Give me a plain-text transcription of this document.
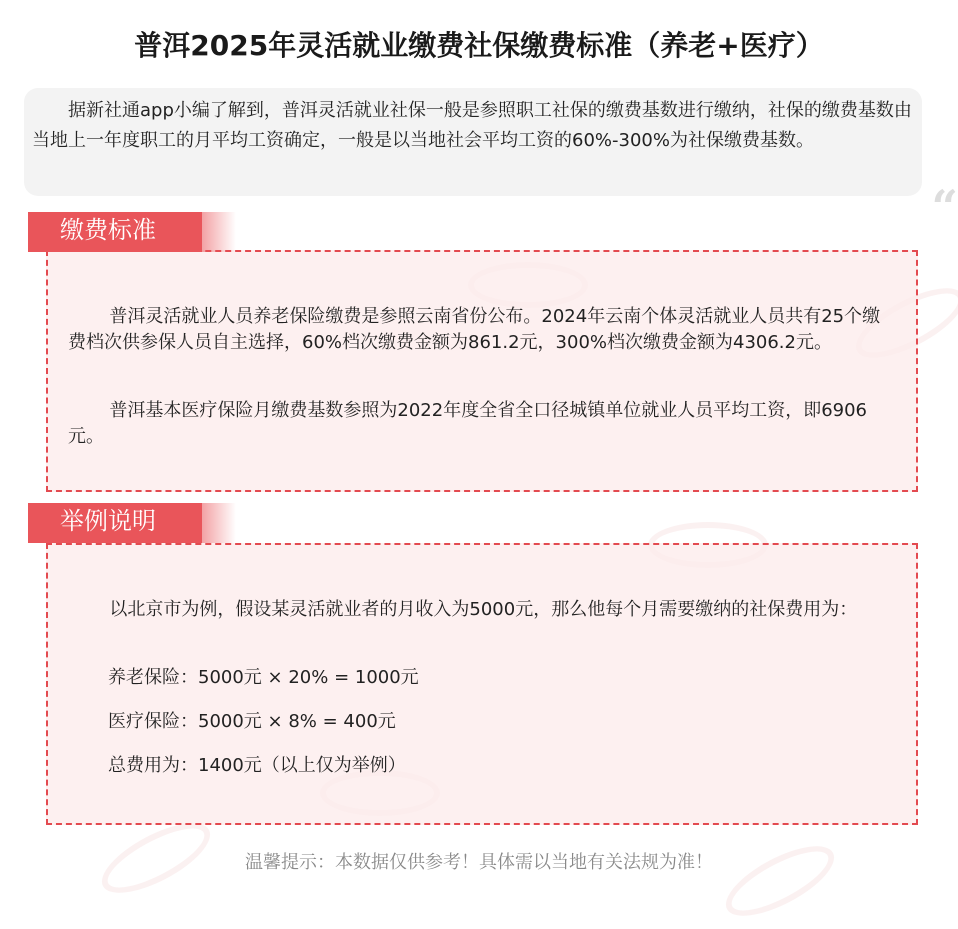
普洱2025年灵活就业缴费社保缴费标准（养老+医疗）

据新社通app小编了解到，普洱灵活就业社保一般是参照职工社保的缴费基数进行缴纳，社保的缴费基数由当地上一年度职工的月平均工资确定，一般是以当地社会平均工资的60%-300%为社保缴费基数。

“

普洱灵活就业人员养老保险缴费是参照云南省份公布。2024年云南个体灵活就业人员共有25个缴费档次供参保人员自主选择，60%档次缴费金额为861.2元，300%档次缴费金额为4306.2元。

普洱基本医疗保险月缴费基数参照为2022年度全省全口径城镇单位就业人员平均工资，即6906元。

缴费标准

以北京市为例，假设某灵活就业者的月收入为5000元，那么他每个月需要缴纳的社保费用为：

养老保险：5000元 × 20% = 1000元
医疗保险：5000元 × 8% = 400元
总费用为：1400元（以上仅为举例）
举例说明
温馨提示：本数据仅供参考！具体需以当地有关法规为准！
